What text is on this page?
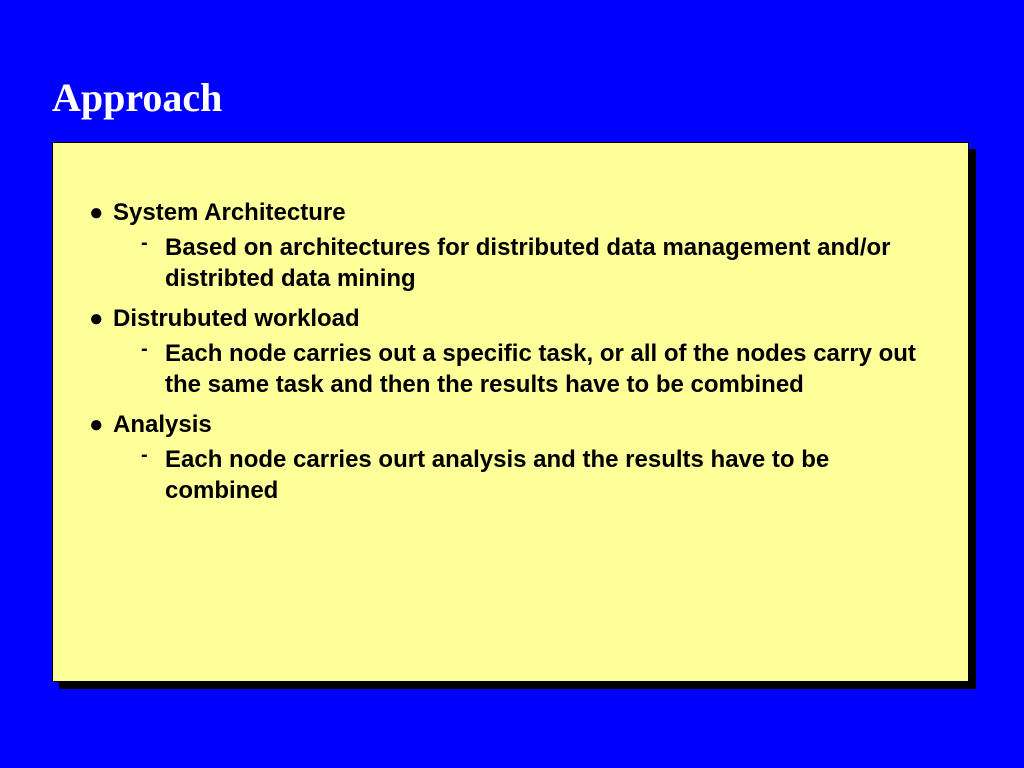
Approach
● System Architecture
- Based on architectures for distributed data management and/or distribted data mining
● Distrubuted workload
- Each node carries out a specific task, or all of the nodes carry out the same task and then the results have to be combined
● Analysis
- Each node carries ourt analysis and the results have to be combined
